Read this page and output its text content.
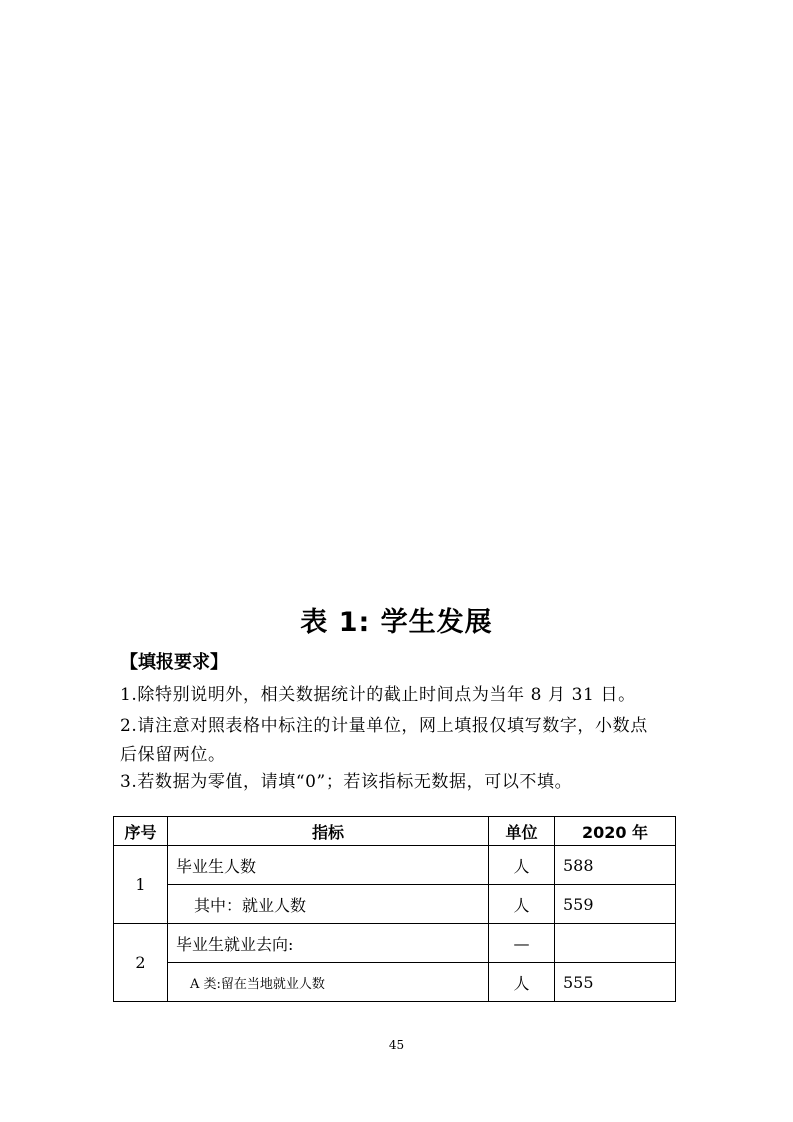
表 1: 学生发展
【填报要求】
1.除特别说明外，相关数据统计的截止时间点为当年 8 月 31 日。
2.请注意对照表格中标注的计量单位，网上填报仅填写数字，小数点
后保留两位。
3.若数据为零值，请填“0”；若该指标无数据，可以不填。
序号	指标	单位	2020 年
1	毕业生人数	人	588
	其中：就业人数	人	559
2	毕业生就业去向:	—	
	A 类:留在当地就业人数	人	555
45
